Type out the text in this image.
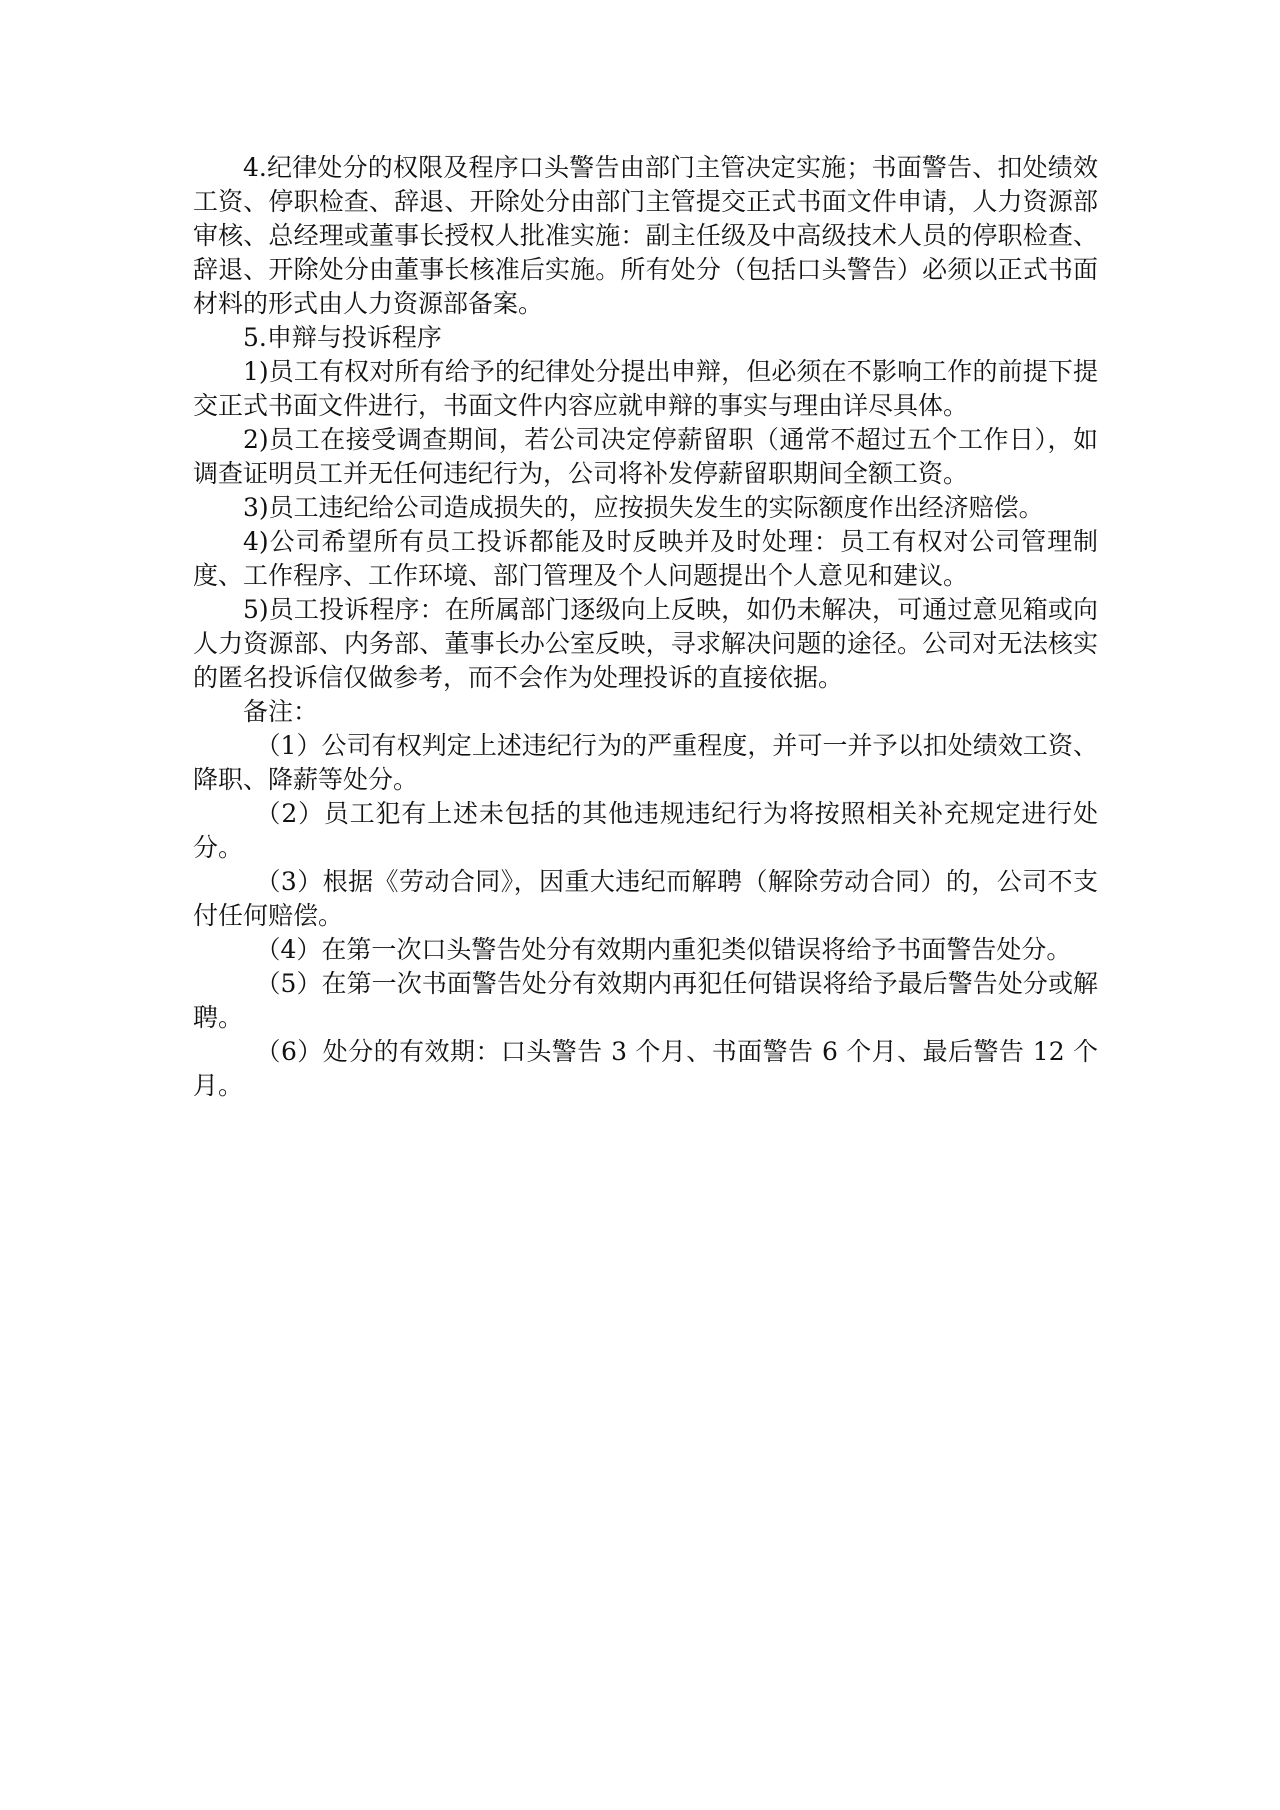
4.纪律处分的权限及程序口头警告由部门主管决定实施；书面警告、扣处绩效工资、停职检查、辞退、开除处分由部门主管提交正式书面文件申请，人力资源部审核、总经理或董事长授权人批准实施：副主任级及中高级技术人员的停职检查、辞退、开除处分由董事长核准后实施。所有处分（包括口头警告）必须以正式书面材料的形式由人力资源部备案。

5.申辩与投诉程序

1)员工有权对所有给予的纪律处分提出申辩，但必须在不影响工作的前提下提交正式书面文件进行，书面文件内容应就申辩的事实与理由详尽具体。

2)员工在接受调查期间，若公司决定停薪留职（通常不超过五个工作日），如调查证明员工并无任何违纪行为，公司将补发停薪留职期间全额工资。

3)员工违纪给公司造成损失的，应按损失发生的实际额度作出经济赔偿。

4)公司希望所有员工投诉都能及时反映并及时处理：员工有权对公司管理制度、工作程序、工作环境、部门管理及个人问题提出个人意见和建议。

5)员工投诉程序：在所属部门逐级向上反映，如仍未解决，可通过意见箱或向人力资源部、内务部、董事长办公室反映，寻求解决问题的途径。公司对无法核实的匿名投诉信仅做参考，而不会作为处理投诉的直接依据。

备注：

（1）公司有权判定上述违纪行为的严重程度，并可一并予以扣处绩效工资、降职、降薪等处分。

（2）员工犯有上述未包括的其他违规违纪行为将按照相关补充规定进行处分。

（3）根据《劳动合同》，因重大违纪而解聘（解除劳动合同）的，公司不支付任何赔偿。

（4）在第一次口头警告处分有效期内重犯类似错误将给予书面警告处分。

（5）在第一次书面警告处分有效期内再犯任何错误将给予最后警告处分或解聘。

（6）处分的有效期：口头警告 3 个月、书面警告 6 个月、最后警告 12 个月。
